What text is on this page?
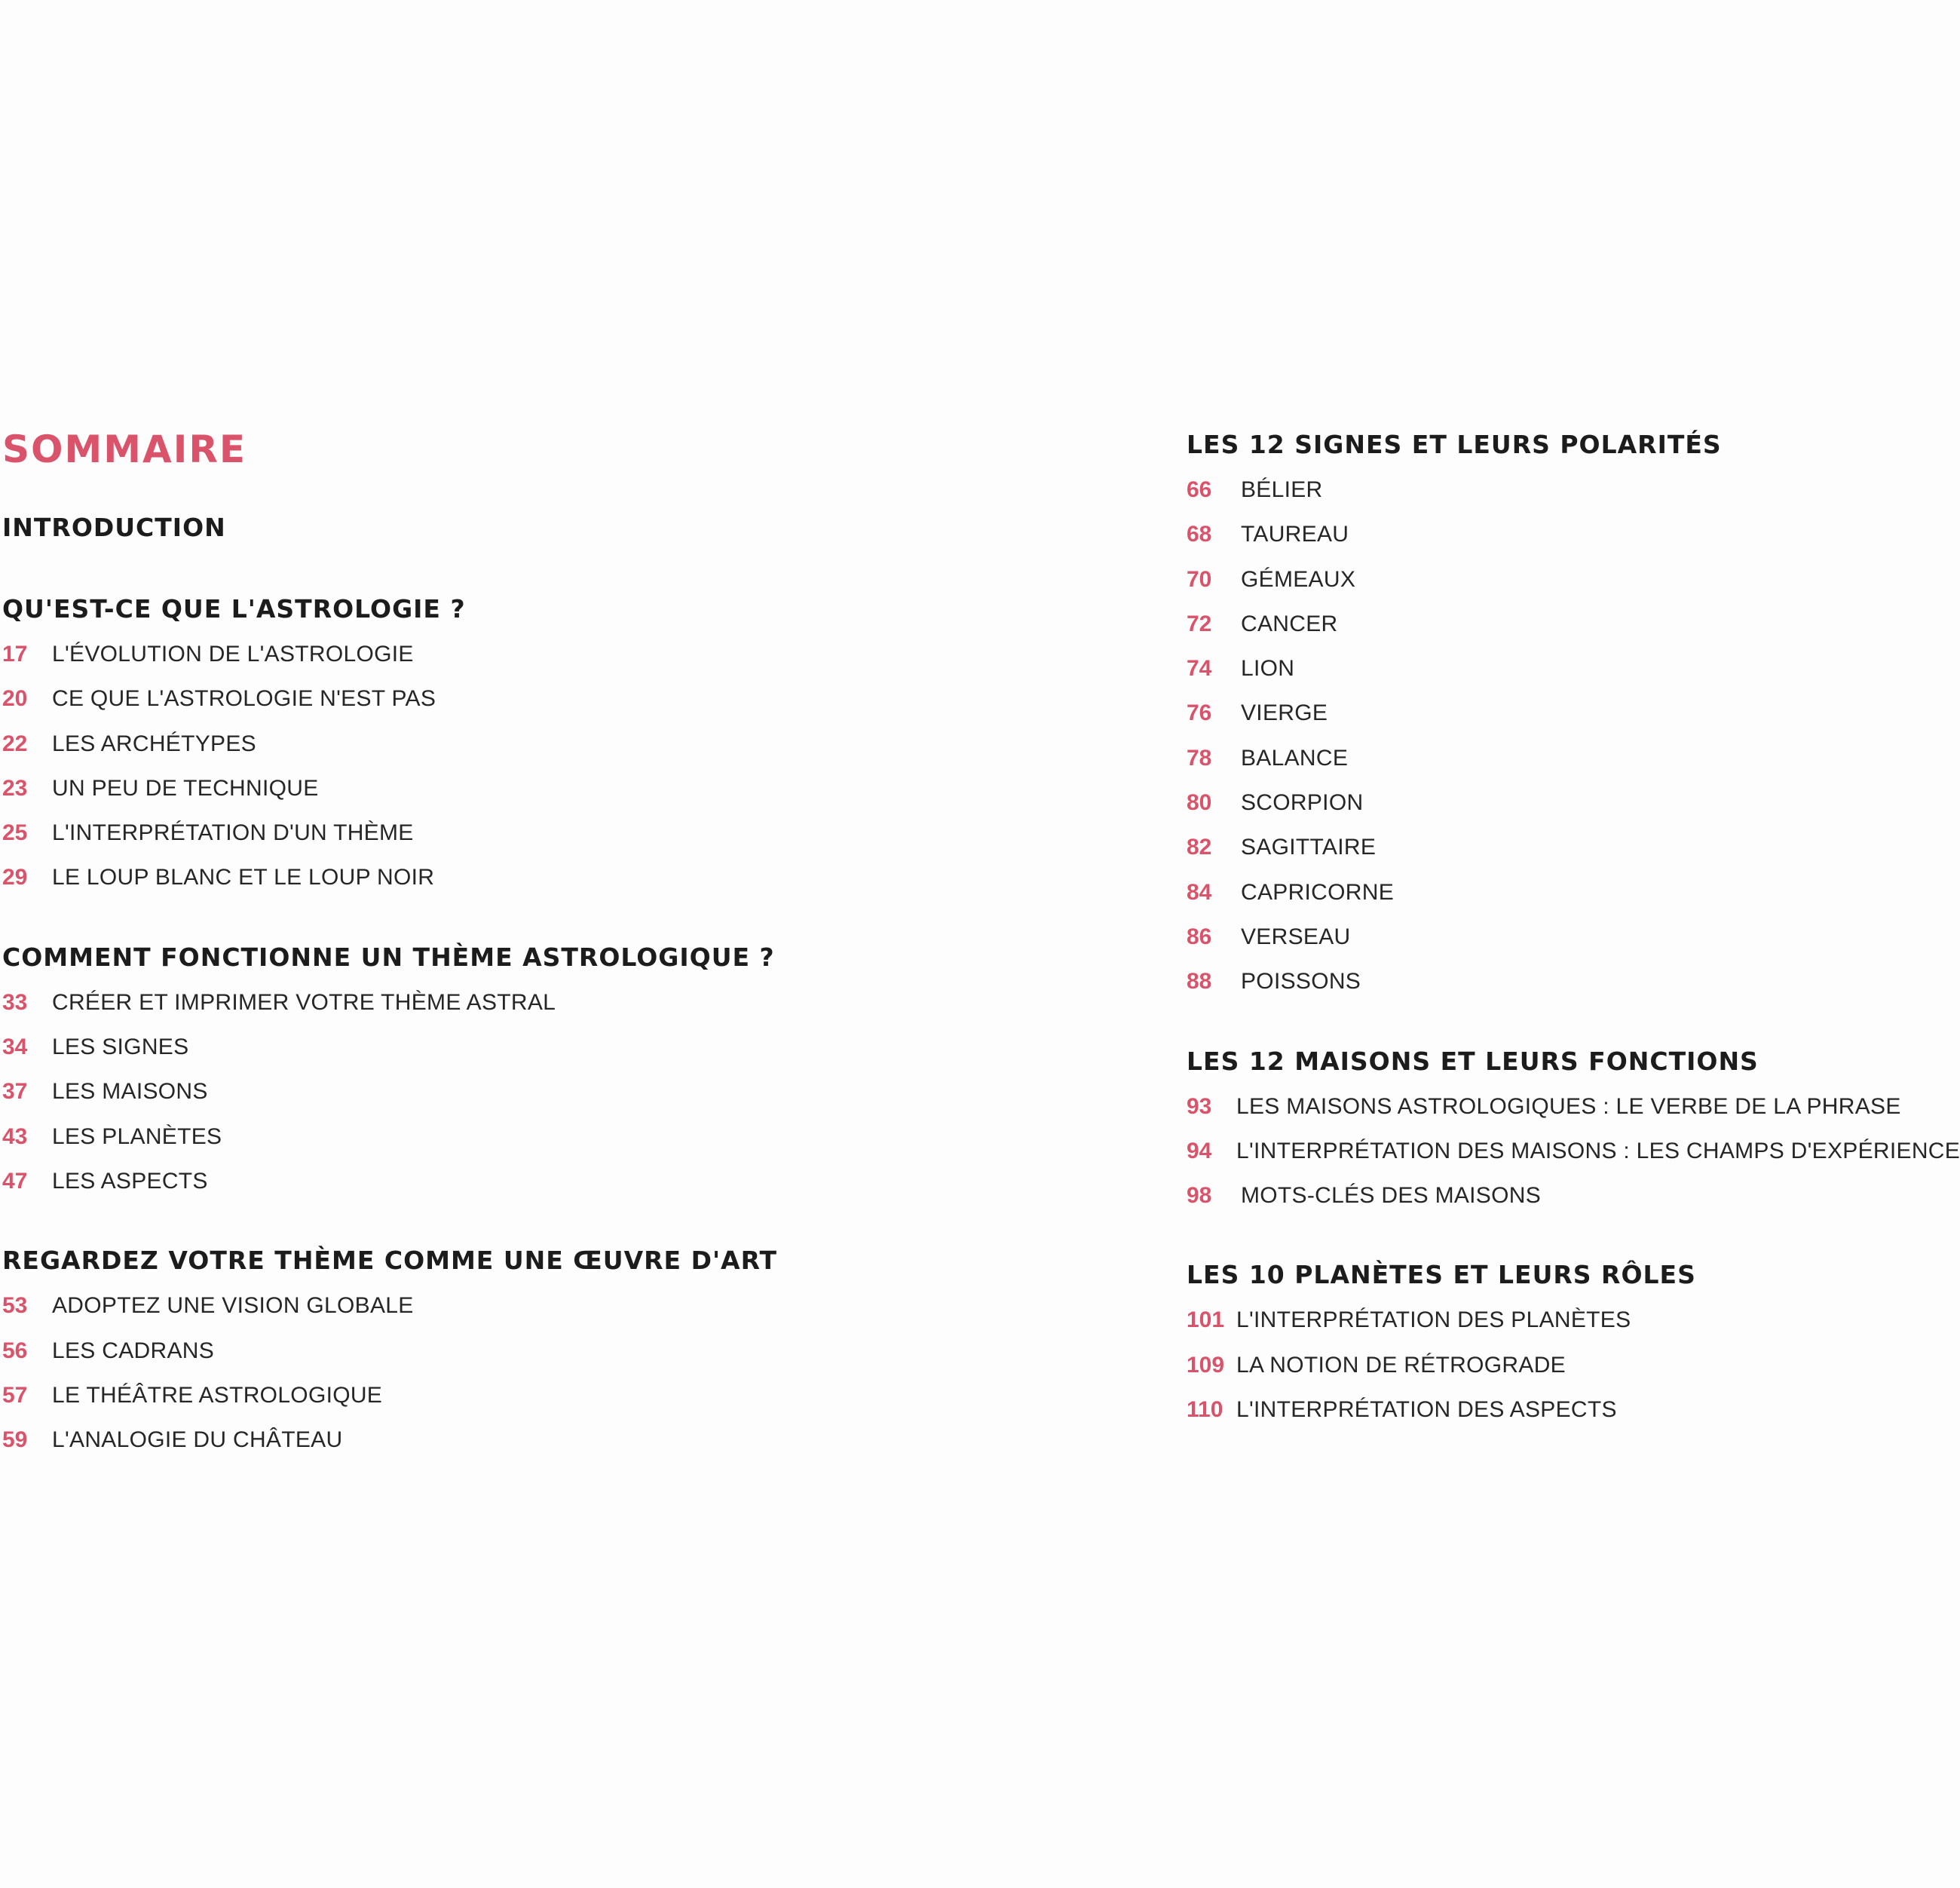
SOMMAIRE
INTRODUCTION
QU'EST-CE QUE L'ASTROLOGIE ?
17	L'ÉVOLUTION DE L'ASTROLOGIE
20	CE QUE L'ASTROLOGIE N'EST PAS
22	LES ARCHÉTYPES
23	UN PEU DE TECHNIQUE
25	L'INTERPRÉTATION D'UN THÈME
29	LE LOUP BLANC ET LE LOUP NOIR
COMMENT FONCTIONNE UN THÈME ASTROLOGIQUE ?
33	CRÉER ET IMPRIMER VOTRE THÈME ASTRAL
34	LES SIGNES
37	LES MAISONS
43	LES PLANÈTES
47	LES ASPECTS
REGARDEZ VOTRE THÈME COMME UNE ŒUVRE D'ART
53	ADOPTEZ UNE VISION GLOBALE
56	LES CADRANS
57	LE THÉÂTRE ASTROLOGIQUE
59	L'ANALOGIE DU CHÂTEAU
LES 12 SIGNES ET LEURS POLARITÉS
66	BÉLIER
68	TAUREAU
70	GÉMEAUX
72	CANCER
74	LION
76	VIERGE
78	BALANCE
80	SCORPION
82	SAGITTAIRE
84	CAPRICORNE
86	VERSEAU
88	POISSONS
LES 12 MAISONS ET LEURS FONCTIONS
93	LES MAISONS ASTROLOGIQUES : LE VERBE DE LA PHRASE
94	L'INTERPRÉTATION DES MAISONS : LES CHAMPS D'EXPÉRIENCE
98	MOTS-CLÉS DES MAISONS
LES 10 PLANÈTES ET LEURS RÔLES
101 L'INTERPRÉTATION DES PLANÈTES
109 LA NOTION DE RÉTROGRADE
110 L'INTERPRÉTATION DES ASPECTS
